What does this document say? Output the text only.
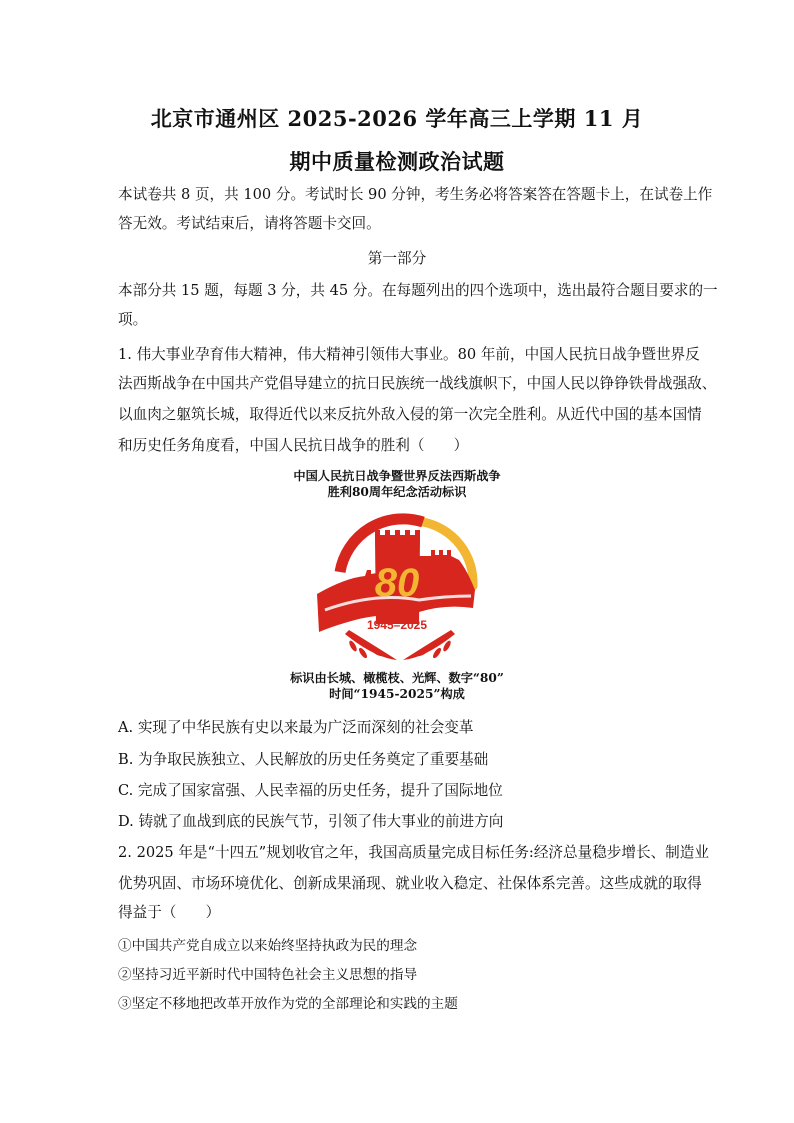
北京市通州区 2025-2026 学年高三上学期 11 月
期中质量检测政治试题
本试卷共 8 页，共 100 分。考试时长 90 分钟，考生务必将答案答在答题卡上，在试卷上作
答无效。考试结束后，请将答题卡交回。
第一部分
本部分共 15 题，每题 3 分，共 45 分。在每题列出的四个选项中，选出最符合题目要求的一
项。
1. 伟大事业孕育伟大精神，伟大精神引领伟大事业。80 年前，中国人民抗日战争暨世界反
法西斯战争在中国共产党倡导建立的抗日民族统一战线旗帜下，中国人民以铮铮铁骨战强敌、
以血肉之躯筑长城，取得近代以来反抗外敌入侵的第一次完全胜利。从近代中国的基本国情
和历史任务角度看，中国人民抗日战争的胜利（　　）
中国人民抗日战争暨世界反法西斯战争
胜利80周年纪念活动标识
80
1945–2025
标识由长城、橄榄枝、光辉、数字“80”
时间“1945-2025”构成
A. 实现了中华民族有史以来最为广泛而深刻的社会变革
B. 为争取民族独立、人民解放的历史任务奠定了重要基础
C. 完成了国家富强、人民幸福的历史任务，提升了国际地位
D. 铸就了血战到底的民族气节，引领了伟大事业的前进方向
2. 2025 年是“十四五”规划收官之年，我国高质量完成目标任务:经济总量稳步增长、制造业
优势巩固、市场环境优化、创新成果涌现、就业收入稳定、社保体系完善。这些成就的取得
得益于（　　）
①中国共产党自成立以来始终坚持执政为民的理念
②坚持习近平新时代中国特色社会主义思想的指导
③坚定不移地把改革开放作为党的全部理论和实践的主题
